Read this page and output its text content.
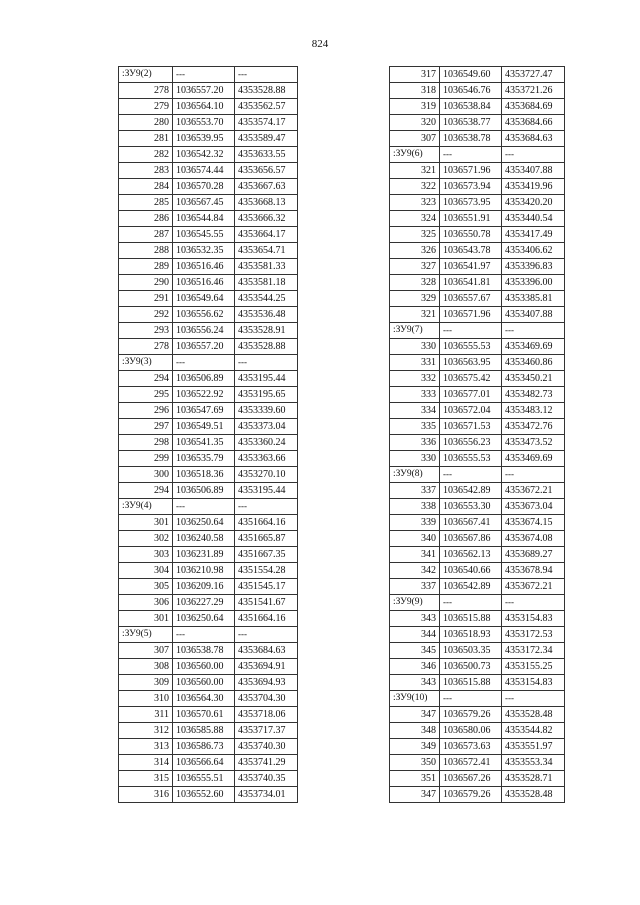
824
:ЗУ9(2)	---	---
278	1036557.20	4353528.88
279	1036564.10	4353562.57
280	1036553.70	4353574.17
281	1036539.95	4353589.47
282	1036542.32	4353633.55
283	1036574.44	4353656.57
284	1036570.28	4353667.63
285	1036567.45	4353668.13
286	1036544.84	4353666.32
287	1036545.55	4353664.17
288	1036532.35	4353654.71
289	1036516.46	4353581.33
290	1036516.46	4353581.18
291	1036549.64	4353544.25
292	1036556.62	4353536.48
293	1036556.24	4353528.91
278	1036557.20	4353528.88
:ЗУ9(3)	---	---
294	1036506.89	4353195.44
295	1036522.92	4353195.65
296	1036547.69	4353339.60
297	1036549.51	4353373.04
298	1036541.35	4353360.24
299	1036535.79	4353363.66
300	1036518.36	4353270.10
294	1036506.89	4353195.44
:ЗУ9(4)	---	---
301	1036250.64	4351664.16
302	1036240.58	4351665.87
303	1036231.89	4351667.35
304	1036210.98	4351554.28
305	1036209.16	4351545.17
306	1036227.29	4351541.67
301	1036250.64	4351664.16
:ЗУ9(5)	---	---
307	1036538.78	4353684.63
308	1036560.00	4353694.91
309	1036560.00	4353694.93
310	1036564.30	4353704.30
311	1036570.61	4353718.06
312	1036585.88	4353717.37
313	1036586.73	4353740.30
314	1036566.64	4353741.29
315	1036555.51	4353740.35
316	1036552.60	4353734.01
317	1036549.60	4353727.47
318	1036546.76	4353721.26
319	1036538.84	4353684.69
320	1036538.77	4353684.66
307	1036538.78	4353684.63
:ЗУ9(6)	---	---
321	1036571.96	4353407.88
322	1036573.94	4353419.96
323	1036573.95	4353420.20
324	1036551.91	4353440.54
325	1036550.78	4353417.49
326	1036543.78	4353406.62
327	1036541.97	4353396.83
328	1036541.81	4353396.00
329	1036557.67	4353385.81
321	1036571.96	4353407.88
:ЗУ9(7)	---	---
330	1036555.53	4353469.69
331	1036563.95	4353460.86
332	1036575.42	4353450.21
333	1036577.01	4353482.73
334	1036572.04	4353483.12
335	1036571.53	4353472.76
336	1036556.23	4353473.52
330	1036555.53	4353469.69
:ЗУ9(8)	---	---
337	1036542.89	4353672.21
338	1036553.30	4353673.04
339	1036567.41	4353674.15
340	1036567.86	4353674.08
341	1036562.13	4353689.27
342	1036540.66	4353678.94
337	1036542.89	4353672.21
:ЗУ9(9)	---	---
343	1036515.88	4353154.83
344	1036518.93	4353172.53
345	1036503.35	4353172.34
346	1036500.73	4353155.25
343	1036515.88	4353154.83
:ЗУ9(10)	---	---
347	1036579.26	4353528.48
348	1036580.06	4353544.82
349	1036573.63	4353551.97
350	1036572.41	4353553.34
351	1036567.26	4353528.71
347	1036579.26	4353528.48
